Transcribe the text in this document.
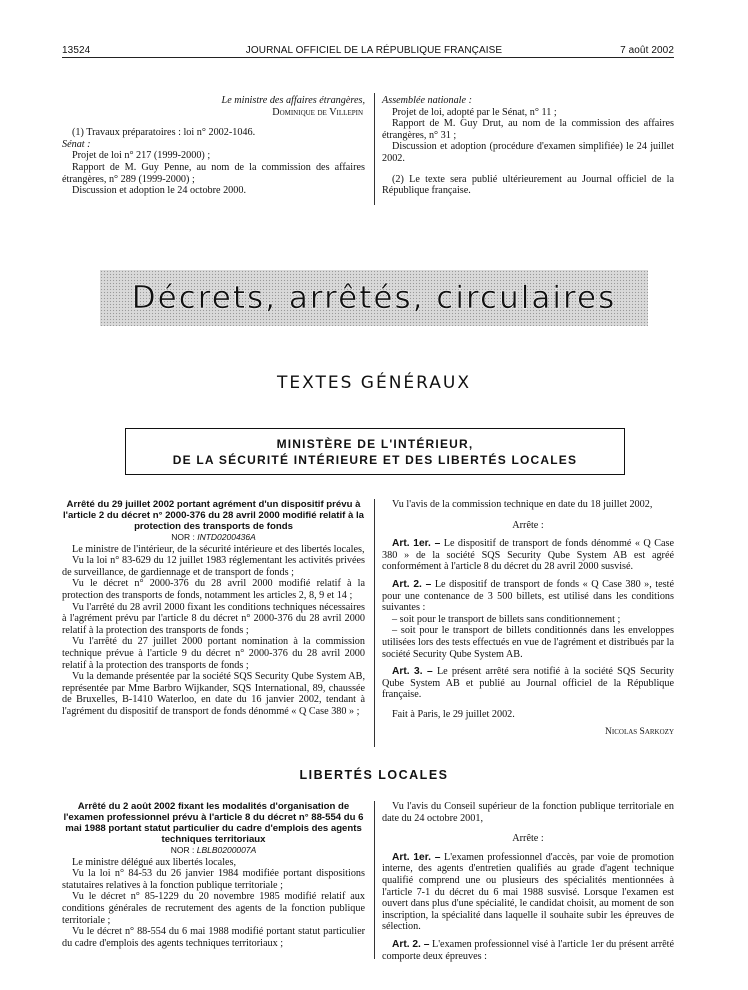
13524	JOURNAL OFFICIEL DE LA RÉPUBLIQUE FRANÇAISE	7 août 2002

Le ministre des affaires étrangères,

Dominique de Villepin

(1) Travaux préparatoires : loi n° 2002-1046.

Sénat :

Projet de loi n° 217 (1999-2000) ;

Rapport de M. Guy Penne, au nom de la commission des affaires étrangères, n° 289 (1999-2000) ;

Discussion et adoption le 24 octobre 2000.

Assemblée nationale :

Projet de loi, adopté par le Sénat, n° 11 ;

Rapport de M. Guy Drut, au nom de la commission des affaires étrangères, n° 31 ;

Discussion et adoption (procédure d'examen simplifiée) le 24 juillet 2002.

(2) Le texte sera publié ultérieurement au Journal officiel de la République française.

Décrets, arrêtés, circulaires
TEXTES GÉNÉRAUX
MINISTÈRE DE L'INTÉRIEUR,
DE LA SÉCURITÉ INTÉRIEURE ET DES LIBERTÉS LOCALES

Arrêté du 29 juillet 2002 portant agrément d'un dispositif prévu à l'article 2 du décret n° 2000-376 du 28 avril 2000 modifié relatif à la protection des transports de fonds

NOR : INTD0200436A

Le ministre de l'intérieur, de la sécurité intérieure et des libertés locales,

Vu la loi n° 83-629 du 12 juillet 1983 réglementant les activités privées de surveillance, de gardiennage et de transport de fonds ;

Vu le décret n° 2000-376 du 28 avril 2000 modifié relatif à la protection des transports de fonds, notamment les articles 2, 8, 9 et 14 ;

Vu l'arrêté du 28 avril 2000 fixant les conditions techniques nécessaires à l'agrément prévu par l'article 8 du décret n° 2000-376 du 28 avril 2000 relatif à la protection des transports de fonds ;

Vu l'arrêté du 27 juillet 2000 portant nomination à la commission technique prévue à l'article 9 du décret n° 2000-376 du 28 avril 2000 relatif à la protection des transports de fonds ;

Vu la demande présentée par la société SQS Security Qube System AB, représentée par Mme Barbro Wijkander, SQS International, 89, chaussée de Bruxelles, B-1410 Waterloo, en date du 16 janvier 2002, tendant à l'agrément du dispositif de transport de fonds dénommé « Q Case 380 » ;

Vu l'avis de la commission technique en date du 18 juillet 2002,

Arrête :

Art. 1er. – Le dispositif de transport de fonds dénommé « Q Case 380 » de la société SQS Security Qube System AB est agréé conformément à l'article 8 du décret du 28 avril 2000 susvisé.

Art. 2. – Le dispositif de transport de fonds « Q Case 380 », testé pour une contenance de 3 500 billets, est utilisé dans les conditions suivantes :

– soit pour le transport de billets sans conditionnement ;

– soit pour le transport de billets conditionnés dans les enveloppes utilisées lors des tests effectués en vue de l'agrément et distribués par la société Security Qube System AB.

Art. 3. – Le présent arrêté sera notifié à la société SQS Security Qube System AB et publié au Journal officiel de la République française.

Fait à Paris, le 29 juillet 2002.

Nicolas Sarkozy

LIBERTÉS LOCALES

Arrêté du 2 août 2002 fixant les modalités d'organisation de l'examen professionnel prévu à l'article 8 du décret n° 88-554 du 6 mai 1988 portant statut particulier du cadre d'emplois des agents techniques territoriaux

NOR : LBLB0200007A

Le ministre délégué aux libertés locales,

Vu la loi n° 84-53 du 26 janvier 1984 modifiée portant dispositions statutaires relatives à la fonction publique territoriale ;

Vu le décret n° 85-1229 du 20 novembre 1985 modifié relatif aux conditions générales de recrutement des agents de la fonction publique territoriale ;

Vu le décret n° 88-554 du 6 mai 1988 modifié portant statut particulier du cadre d'emplois des agents techniques territoriaux ;

Vu l'avis du Conseil supérieur de la fonction publique territoriale en date du 24 octobre 2001,

Arrête :

Art. 1er. – L'examen professionnel d'accès, par voie de promotion interne, des agents d'entretien qualifiés au grade d'agent technique qualifié comprend une ou plusieurs des spécialités mentionnées à l'article 7-1 du décret du 6 mai 1988 susvisé. Lorsque l'examen est ouvert dans plus d'une spécialité, le candidat choisit, au moment de son inscription, la spécialité dans laquelle il souhaite subir les épreuves de sélection.

Art. 2. – L'examen professionnel visé à l'article 1er du présent arrêté comporte deux épreuves :
